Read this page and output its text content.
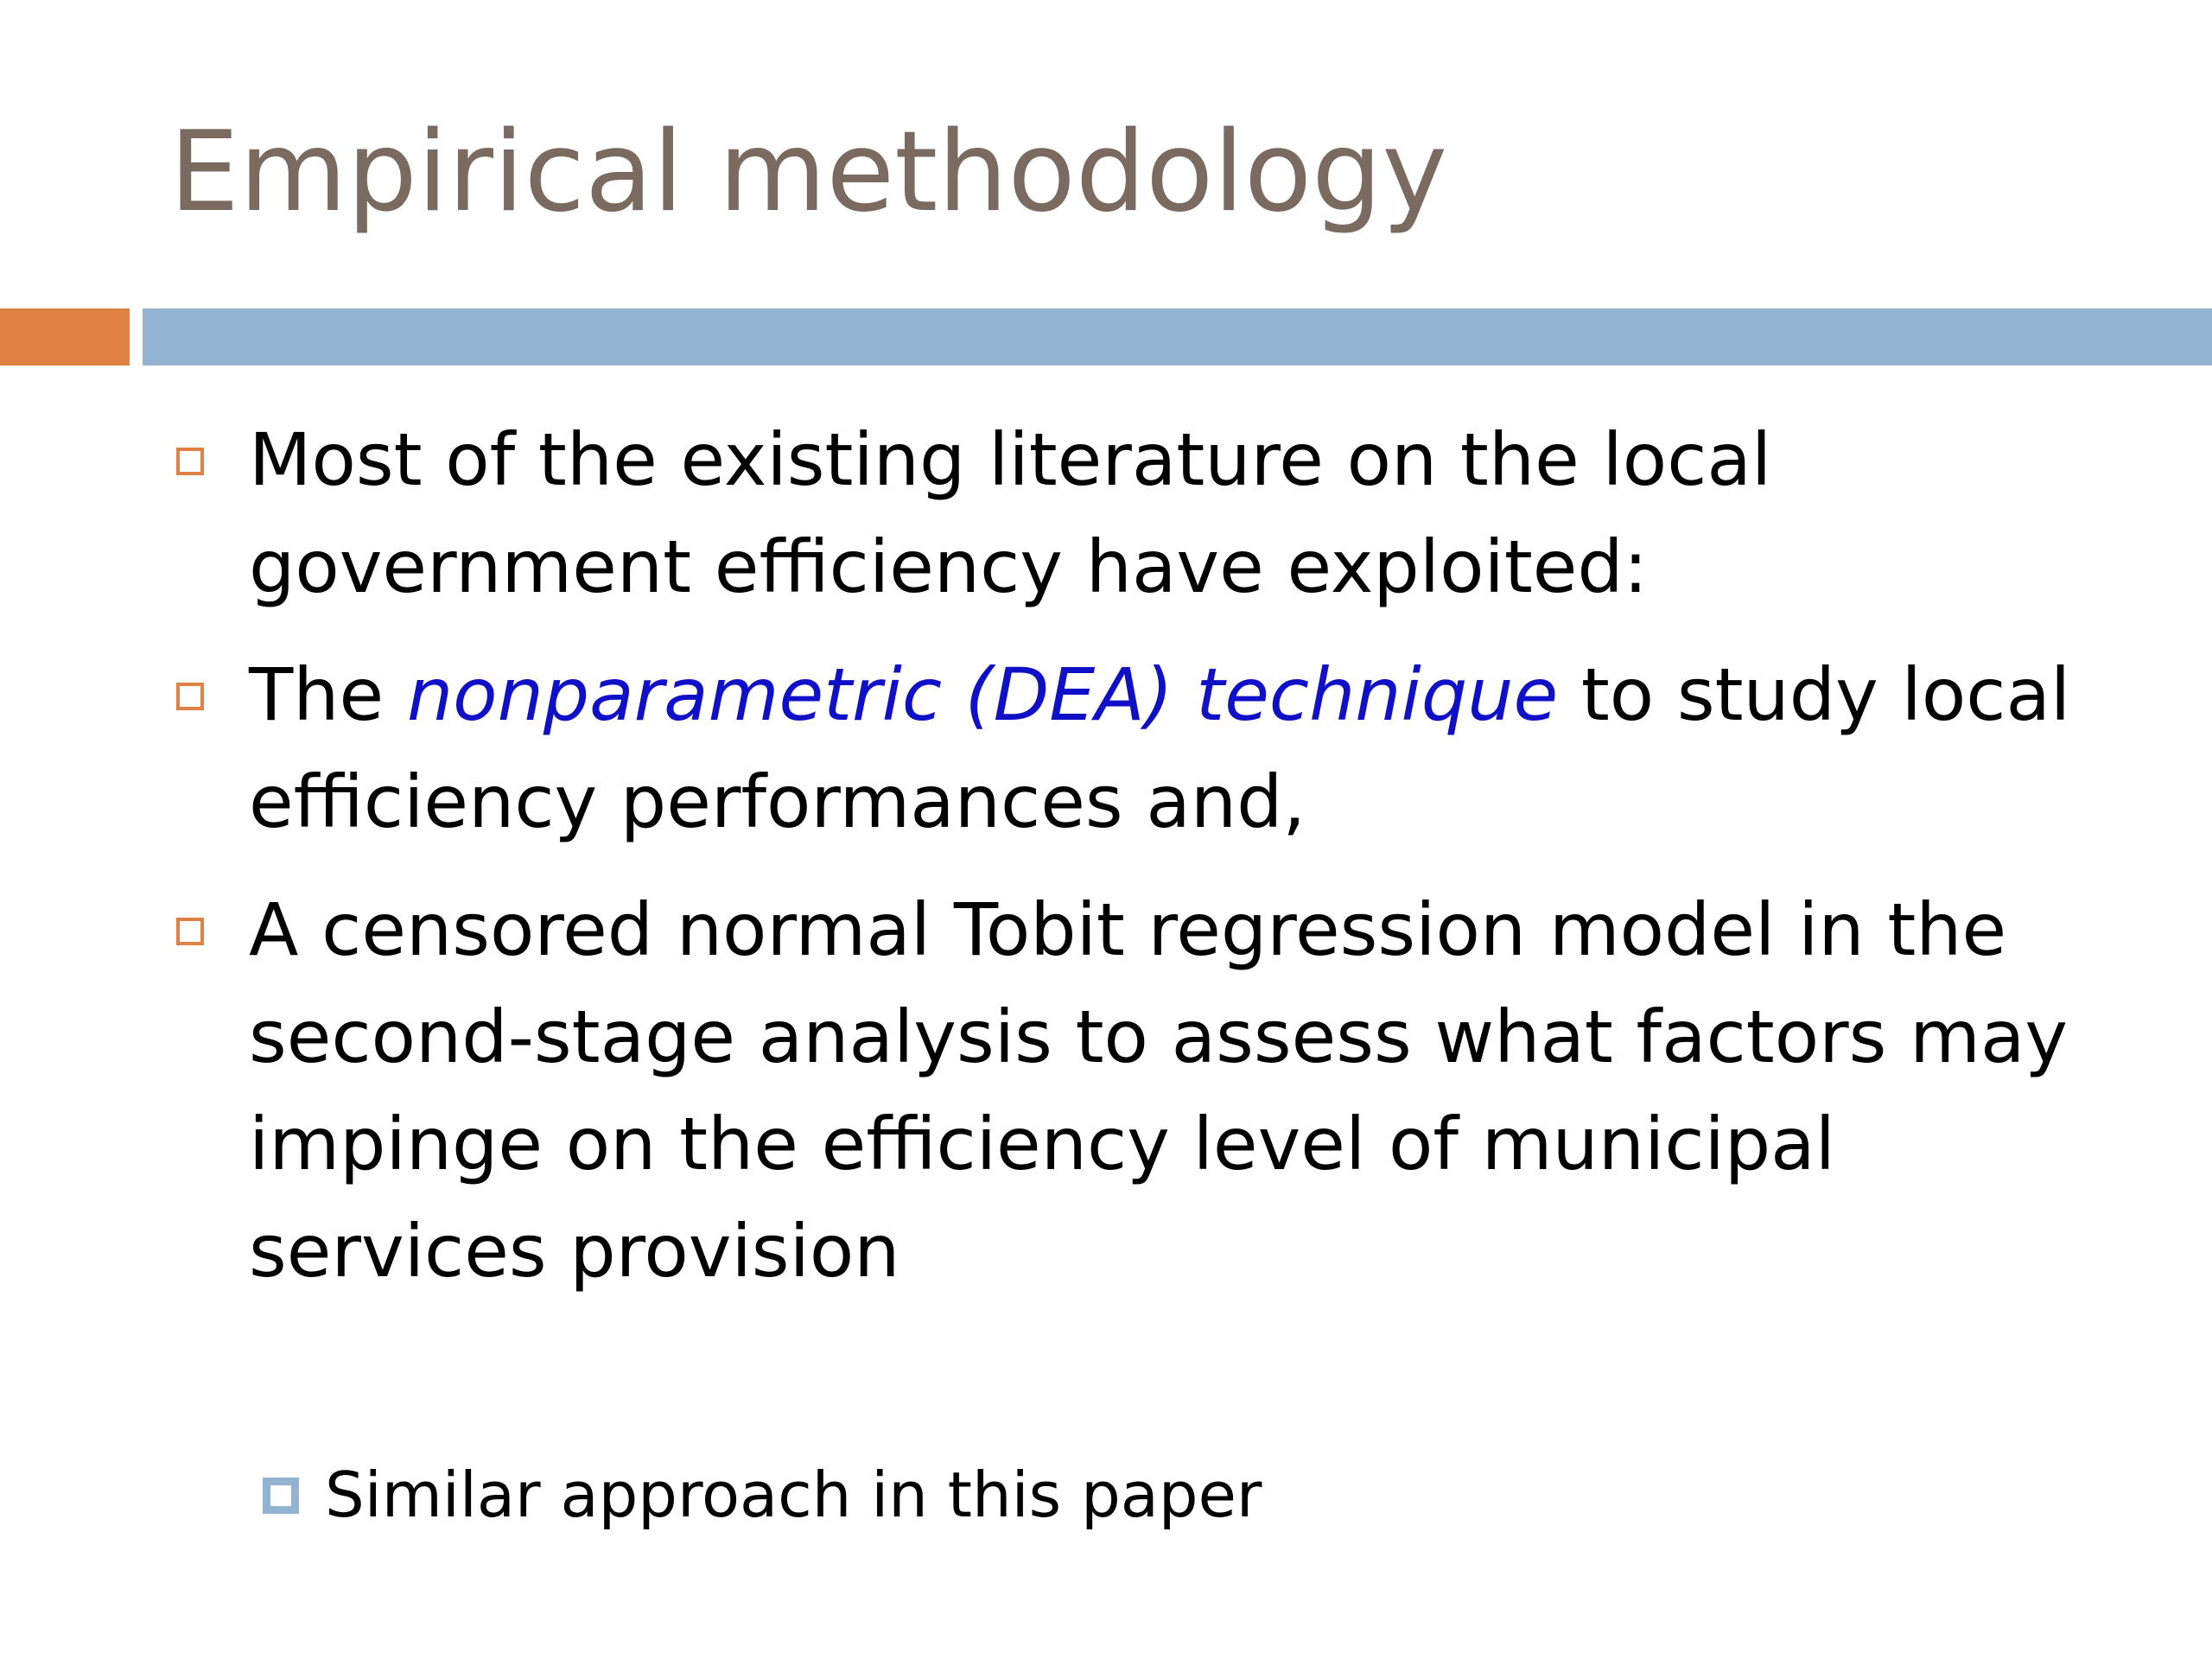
Empirical methodology
Most of the existing literature on the local government efficiency have exploited:
The nonparametric (DEA) technique to study local efficiency performances and,
A censored normal Tobit regression model in the second-stage analysis to assess what factors may impinge on the efficiency level of municipal services provision
Similar approach in this paper
